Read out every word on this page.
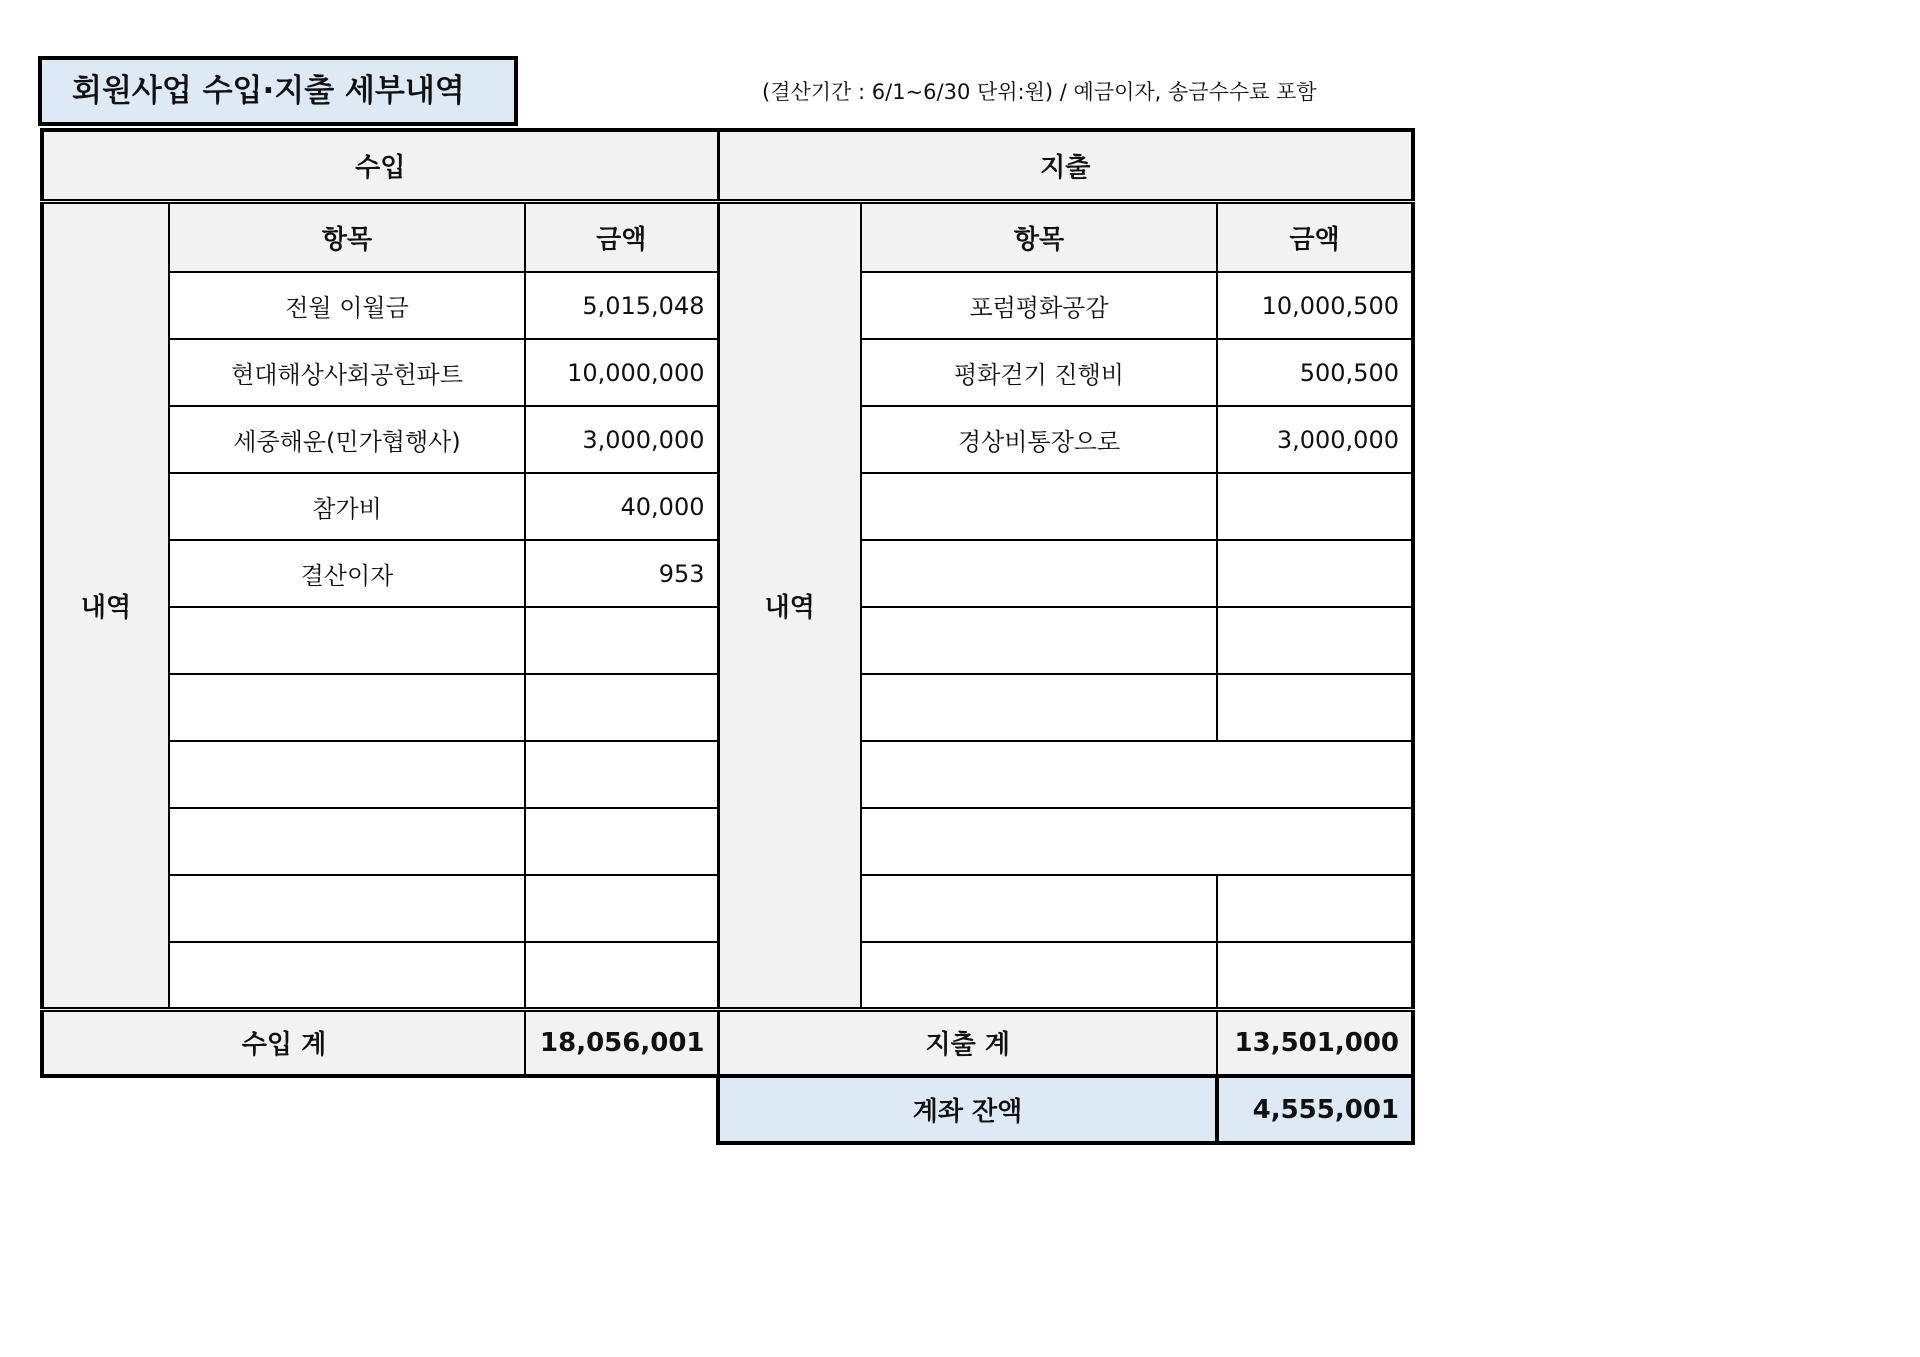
회원사업 수입·지출 세부내역	(결산기간 : 6/1~6/30 단위:원) / 예금이자, 송금수수료 포함
수입			지출		
내역	항목	금액	내역	항목	금액
	전월 이월금	5,015,048		포럼평화공감	10,000,500
	현대해상사회공헌파트	10,000,000		평화걷기 진행비	500,500
	세중해운(민가협행사)	3,000,000		경상비통장으로	3,000,000
	참가비	40,000			
	결산이자	953			

수입 계		18,056,001	지출 계		13,501,000
			계좌 잔액		4,555,001
